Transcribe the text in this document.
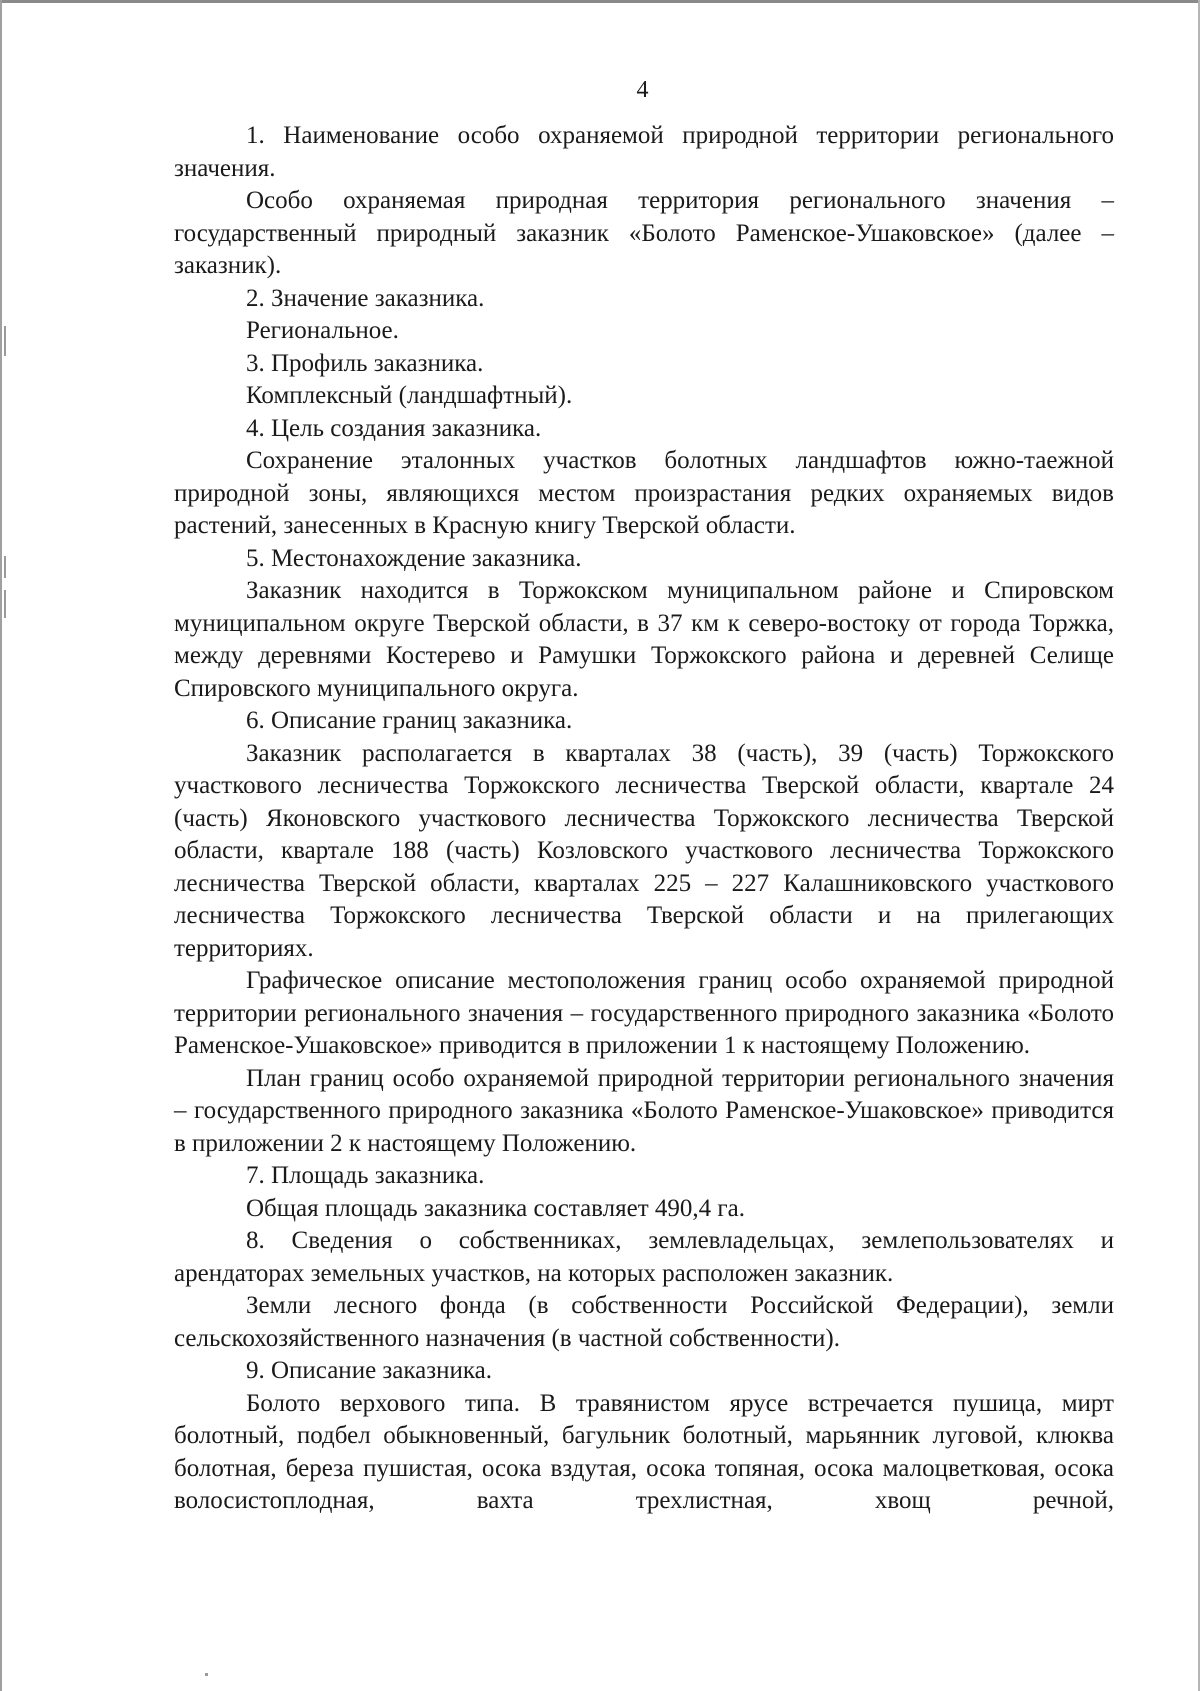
4

1. Наименование особо охраняемой природной территории регионального значения.

Особо охраняемая природная территория регионального значения – государственный природный заказник «Болото Раменское-Ушаковское» (далее – заказник).

2. Значение заказника.

Региональное.

3. Профиль заказника.

Комплексный (ландшафтный).

4. Цель создания заказника.

Сохранение эталонных участков болотных ландшафтов южно-таежной природной зоны, являющихся местом произрастания редких охраняемых видов растений, занесенных в Красную книгу Тверской области.

5. Местонахождение заказника.

Заказник находится в Торжокском муниципальном районе и Спировском муниципальном округе Тверской области, в 37 км к северо-востоку от города Торжка, между деревнями Костерево и Рамушки Торжокского района и деревней Селище Спировского муниципального округа.

6. Описание границ заказника.

Заказник располагается в кварталах 38 (часть), 39 (часть) Торжокского участкового лесничества Торжокского лесничества Тверской области, квартале 24 (часть) Яконовского участкового лесничества Торжокского лесничества Тверской области, квартале 188 (часть) Козловского участкового лесничества Торжокского лесничества Тверской области, кварталах 225 – 227 Калашниковского участкового лесничества Торжокского лесничества Тверской области и на прилегающих территориях.

Графическое описание местоположения границ особо охраняемой природной территории регионального значения – государственного природного заказника «Болото Раменское-Ушаковское» приводится в приложении 1 к настоящему Положению.

План границ особо охраняемой природной территории регионального значения – государственного природного заказника «Болото Раменское-Ушаковское» приводится в приложении 2 к настоящему Положению.

7. Площадь заказника.

Общая площадь заказника составляет 490,4 га.

8. Сведения о собственниках, землевладельцах, землепользователях и арендаторах земельных участков, на которых расположен заказник.

Земли лесного фонда (в собственности Российской Федерации), земли сельскохозяйственного назначения (в частной собственности).

9. Описание заказника.

Болото верхового типа. В травянистом ярусе встречается пушица, мирт болотный, подбел обыкновенный, багульник болотный, марьянник луговой, клюква болотная, береза пушистая, осока вздутая, осока топяная, осока малоцветковая, осока волосистоплодная, вахта трехлистная, хвощ речной,
